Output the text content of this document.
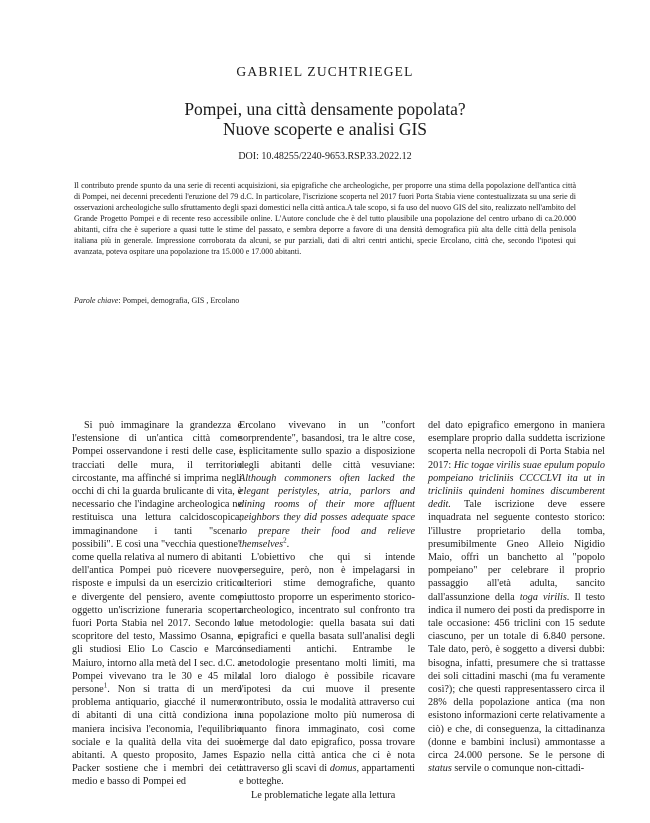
GABRIEL ZUCHTRIEGEL
Pompei, una città densamente popolata?
Nuove scoperte e analisi GIS
DOI: 10.48255/2240-9653.RSP.33.2022.12
Il contributo prende spunto da una serie di recenti acquisizioni, sia epigrafiche che archeologiche, per proporre una stima della popolazione dell'antica città di Pompei, nei decenni precedenti l'eruzione del 79 d.C. In particolare, l'iscrizione scoperta nel 2017 fuori Porta Stabia viene contestualizzata su una serie di osservazioni archeologiche sullo sfruttamento degli spazi domestici nella città antica.A tale scopo, si fa uso del nuovo GIS del sito, realizzato nell'ambito del Grande Progetto Pompei e di recente reso accessibile online. L'Autore conclude che è del tutto plausibile una popolazione del centro urbano di ca.20.000 abitanti, cifra che è superiore a quasi tutte le stime del passato, e sembra deporre a favore di una densità demografica più alta delle città della penisola italiana più in generale. Impressione corroborata da alcuni, se pur parziali, dati di altri centri antichi, specie Ercolano, città che, secondo l'ipotesi qui avanzata, poteva ospitare una popolazione tra 15.000 e 17.000 abitanti.
Parole chiave: Pompei, demografia, GIS , Ercolano

Si può immaginare la grandezza e l'estensione di un'antica città come Pompei osservandone i resti delle case, i tracciati delle mura, il territorio circostante, ma affinché si imprima negli occhi di chi la guarda brulicante di vita, è necessario che l'indagine archeologica ne restituisca una lettura calcidoscopica, immaginandone i tanti "scenari possibili". E così una "vecchia questione" come quella relativa al numero di abitanti dell'antica Pompei può ricevere nuove risposte e impulsi da un esercizio critico e divergente del pensiero, avente come oggetto un'iscrizione funeraria scoperta fuori Porta Stabia nel 2017. Secondo lo scopritore del testo, Massimo Osanna, e gli studiosi Elio Lo Cascio e Marco Maiuro, intorno alla metà del I sec. d.C. a Pompei vivevano tra le 30 e 45 mila persone$^1$. Non si tratta di un mero problema antiquario, giacché il numero di abitanti di una città condiziona in maniera incisiva l'economia, l'equilibrio sociale e la qualità della vita dei suoi abitanti. A questo proposito, James E. Packer sostiene che i membri dei ceti medio e basso di Pompei ed

Ercolano vivevano in un "confort sorprendente", basandosi, tra le altre cose, esplicitamente sullo spazio a disposizione degli abitanti delle città vesuviane: Although commoners often lacked the elegant peristyles, atria, parlors and dining rooms of their more affluent neighbors they did posses adequate space to prepare their food and relieve themselves$^2$.

L'obiettivo che qui si intende perseguire, però, non è impelagarsi in ulteriori stime demografiche, quanto piuttosto proporre un esperimento storico-archeologico, incentrato sul confronto tra due metodologie: quella basata sui dati epigrafici e quella basata sull'analisi degli insediamenti antichi. Entrambe le metodologie presentano molti limiti, ma dal loro dialogo è possibile ricavare l'ipotesi da cui muove il presente contributo, ossia le modalità attraverso cui una popolazione molto più numerosa di quanto finora immaginato, così come emerge dal dato epigrafico, possa trovare spazio nella città antica che ci è nota attraverso gli scavi di domus, appartamenti e botteghe.

Le problematiche legate alla lettura

del dato epigrafico emergono in maniera esemplare proprio dalla suddetta iscrizione scoperta nella necropoli di Porta Stabia nel 2017: Hic togae virilis suae epulum populo pompeiano tricliniis CCCCLVI ita ut in tricliniis quindeni homines discumberent dedit. Tale iscrizione deve essere inquadrata nel seguente contesto storico: l'illustre proprietario della tomba, presumibilmente Gneo Alleio Nigidio Maio, offrì un banchetto al "popolo pompeiano" per celebrare il proprio passaggio all'età adulta, sancito dall'assunzione della toga virilis. Il testo indica il numero dei posti da predisporre in tale occasione: 456 triclini con 15 sedute ciascuno, per un totale di 6.840 persone. Tale dato, però, è soggetto a diversi dubbi: bisogna, infatti, presumere che si trattasse dei soli cittadini maschi (ma fu veramente così?); che questi rappresentassero circa il 28% della popolazione antica (ma non esistono informazioni certe relativamente a ciò) e che, di conseguenza, la cittadinanza (donne e bambini inclusi) ammontasse a circa 24.000 persone. Se le persone di status servile o comunque non-cittadi-
